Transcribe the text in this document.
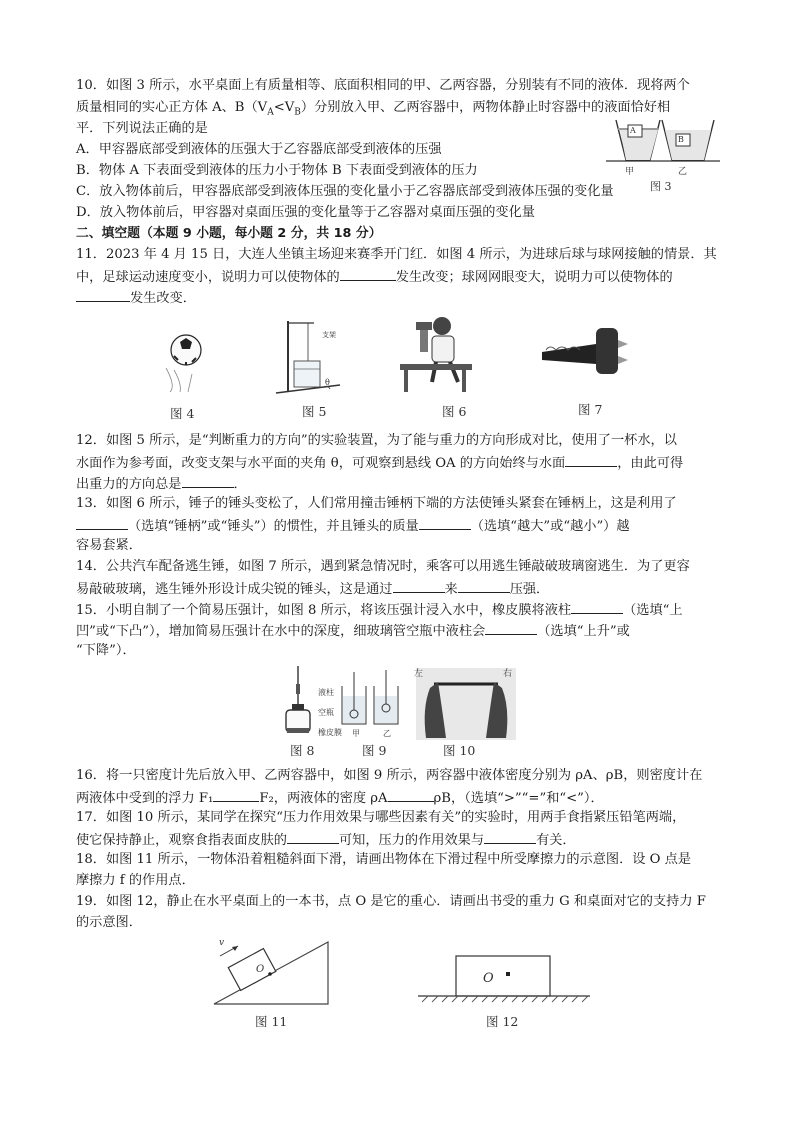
10．如图 3 所示，水平桌面上有质量相等、底面积相同的甲、乙两容器，分别装有不同的液体．现将两个
质量相同的实心正方体 A、$B(V_A<V_B)$分别放入甲、乙两容器中，两物体静止时容器中的液面恰好相
平．下列说法正确的是
A．甲容器底部受到液体的压强大于乙容器底部受到液体的压强
B．物体 A 下表面受到液体的压力小于物体 B 下表面受到液体的压力
C．放入物体前后，甲容器底部受到液体压强的变化量小于乙容器底部受到液体压强的变化量
D．放入物体前后，甲容器对桌面压强的变化量等于乙容器对桌面压强的变化量
A
B
甲	乙
图 3
二、填空题（本题 9 小题，每小题 2 分，共 18 分）
11．2023 年 4 月 15 日，大连人坐镇主场迎来赛季开门红．如图 4 所示，为进球后球与球网接触的情景．其
中，足球运动速度变小，说明力可以使物体的	发生改变；球网网眼变大，说明力可以使物体的
发生改变．
支架
θ
图 4	图 5	图 6	图 7
12．如图 5 所示，是“判断重力的方向”的实验装置，为了能与重力的方向形成对比，使用了一杯水，以
水面作为参考面，改变支架与水平面的夹角 θ，可观察到悬线 OA 的方向始终与水面	，由此可得
出重力的方向总是	．
13．如图 6 所示，锤子的锤头变松了，人们常用撞击锤柄下端的方法使锤头紧套在锤柄上，这是利用了
（选填“锤柄”或“锤头”）的惯性，并且锤头的质量	（选填“越大”或“越小”）越
容易套紧．
14．公共汽车配备逃生锤，如图 7 所示，遇到紧急情况时，乘客可以用逃生锤敲破玻璃窗逃生．为了更容
易敲破玻璃，逃生锤外形设计成尖锐的锤头，这是通过	来	压强．
15．小明自制了一个简易压强计，如图 8 所示，将该压强计浸入水中，橡皮膜将液柱	（选填“上
凹”或“下凸”），增加简易压强计在水中的深度，细玻璃管空瓶中液柱会	（选填“上升”或
“下降”）．
液柱
空瓶
橡皮膜 甲	乙
左	右
图 8	图 9	图 10
16．将一只密度计先后放入甲、乙两容器中，如图 9 所示，两容器中液体密度分别为 ρA、ρB，则密度计在
两液体中受到的浮力 F₁	F₂，两液体的密度 ρA	ρB，（选填“>”“=”和“<”）．
17．如图 10 所示，某同学在探究“压力作用效果与哪些因素有关”的实验时，用两手食指紧压铅笔两端，
使它保持静止，观察食指表面皮肤的	可知，压力的作用效果与	有关．
18．如图 11 所示，一物体沿着粗糙斜面下滑，请画出物体在下滑过程中所受摩擦力的示意图．设 O 点是
摩擦力 f 的作用点．
19．如图 12，静止在水平桌面上的一本书，点 O 是它的重心．请画出书受的重力 G 和桌面对它的支持力 F
的示意图．
v
O
图 11
O
图 12
